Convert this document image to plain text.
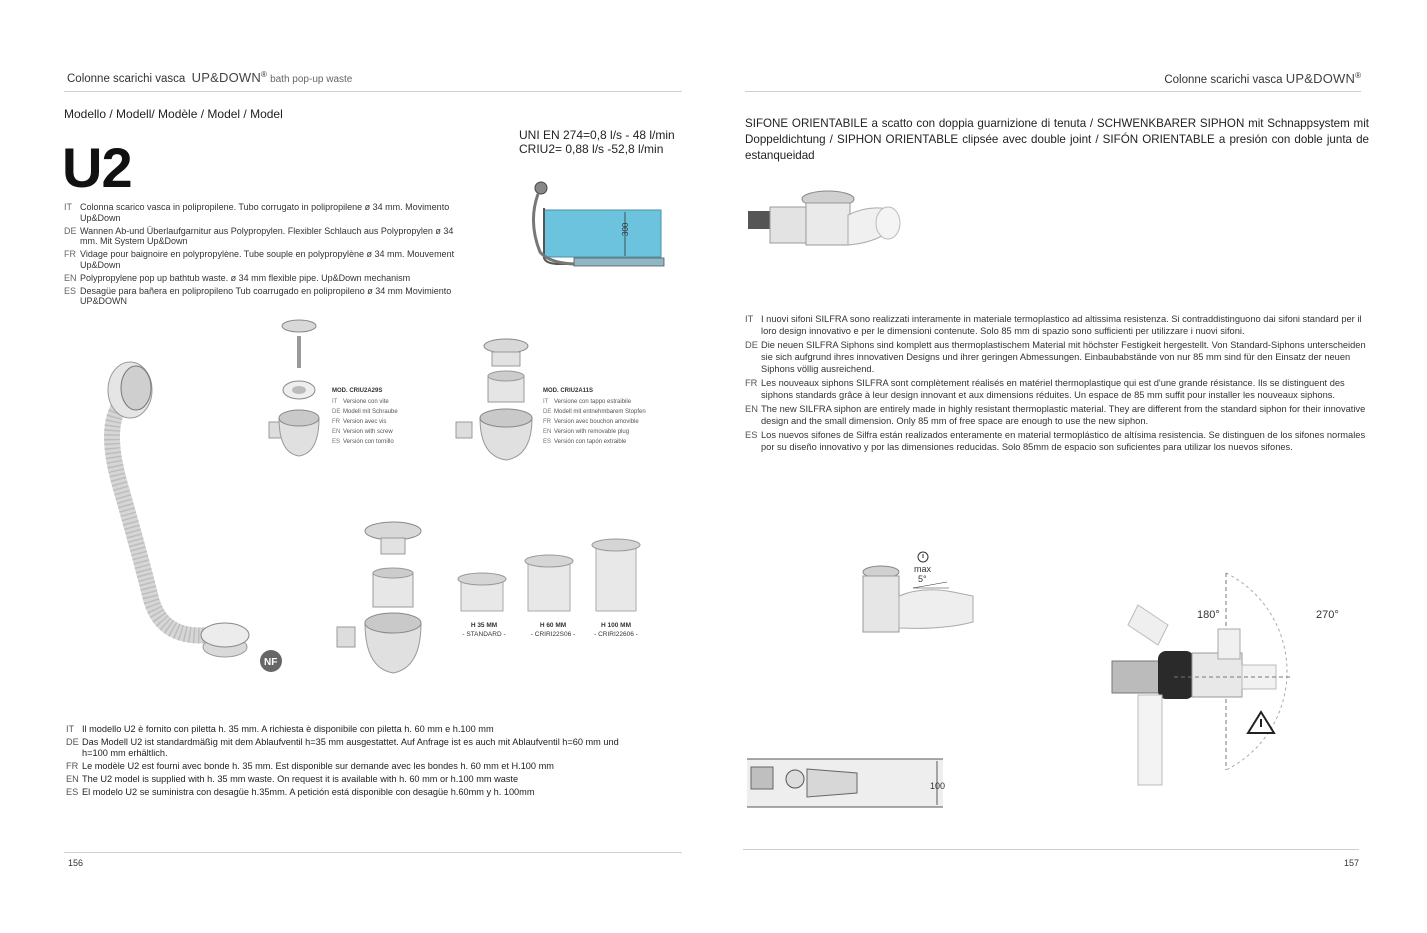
Colonne scarichi vasca UP&DOWN® bath pop-up waste
Modello / Modell/ Modèle / Model / Model
U2
UNI EN 274=0,8 l/s - 48 l/min
CRIU2= 0,88 l/s -52,8 l/min
300
IT Colonna scarico vasca in polipropilene. Tubo corrugato in polipropilene ø 34 mm. Movimento Up&Down
DE Wannen Ab-und Überlaufgarnitur aus Polypropylen. Flexibler Schlauch aus Polypropylen ø 34 mm. Mit System Up&Down
FR Vidage pour baignoire en polypropylène. Tube souple en polypropylène ø 34 mm. Mouvement Up&Down
EN Polypropylene pop up bathtub waste. ø 34 mm flexible pipe. Up&Down mechanism
ES Desagüe para bañera en polipropileno Tub coarrugado en polipropileno ø 34 mm Movimiento UP&DOWN
NF
MOD. CRIU2A29S
IT Versione con vite
DE Modell mit Schraube
FR Version avec vis
EN Version with screw
ES Versión con tornillo
MOD. CRIU2A11S
IT Versione con tappo estraibile
DE Modell mit entnehmbarem Stopfen
FR Version avec bouchon amovible
EN Version with removable plug
ES Versión con tapón extraible
H 35 MM
- STANDARD -
H 60 MM
- CRIRI22S06 -
H 100 MM
- CRIRI22606 -
IT Il modello U2 è fornito con piletta h. 35 mm. A richiesta è disponibile con piletta h. 60 mm e h.100 mm
DE Das Modell U2 ist standardmäßig mit dem Ablaufventil h=35 mm ausgestattet. Auf Anfrage ist es auch mit Ablaufventil h=60 mm und h=100 mm erhältlich.
FR Le modèle U2 est fourni avec bonde h. 35 mm. Est disponible sur demande avec les bondes h. 60 mm et H.100 mm
EN The U2 model is supplied with h. 35 mm waste. On request it is available with h. 60 mm or h.100 mm waste
ES El modelo U2 se suministra con desagüe h.35mm. A petición está disponible con desagüe h.60mm y h. 100mm
156
Colonne scarichi vasca UP&DOWN®
SIFONE ORIENTABILE a scatto con doppia guarnizione di tenuta / SCHWENKBARER SIPHON mit Schnappsystem mit Doppeldichtung / SIPHON ORIENTABLE clipsée avec double joint / SIFÓN ORIENTABLE a presión con doble junta de estanqueidad
IT I nuovi sifoni SILFRA sono realizzati interamente in materiale termoplastico ad altissima resistenza. Si contraddistinguono dai sifoni standard per il loro design innovativo e per le dimensioni contenute. Solo 85 mm di spazio sono sufficienti per utilizzare i nuovi sifoni.
DE Die neuen SILFRA Siphons sind komplett aus thermoplastischem Material mit höchster Festigkeit hergestellt. Von Standard-Siphons unterscheiden sie sich aufgrund ihres innovativen Designs und ihrer geringen Abmessungen. Einbaubabstände von nur 85 mm sind für den Einsatz der neuen Siphons völlig ausreichend.
FR Les nouveaux siphons SILFRA sont complètement réalisés en matériel thermoplastique qui est d'une grande résistance. Ils se distinguent des siphons standards grâce à leur design innovant et aux dimensions réduites. Un espace de 85 mm suffit pour installer les nouveaux siphons.
EN The new SILFRA siphon are entirely made in highly resistant thermoplastic material. They are different from the standard siphon for their innovative design and the small dimension. Only 85 mm of free space are enough to use the new siphon.
ES Los nuevos sifones de Silfra están realizados enteramente en material termoplástico de altísima resistencia. Se distinguen de los sifones normales por su diseño innovativo y por las dimensiones reducidas. Solo 85mm de espacio son suficientes para utilizar los nuevos sifones.
max
5°
180°	270°
100
157
